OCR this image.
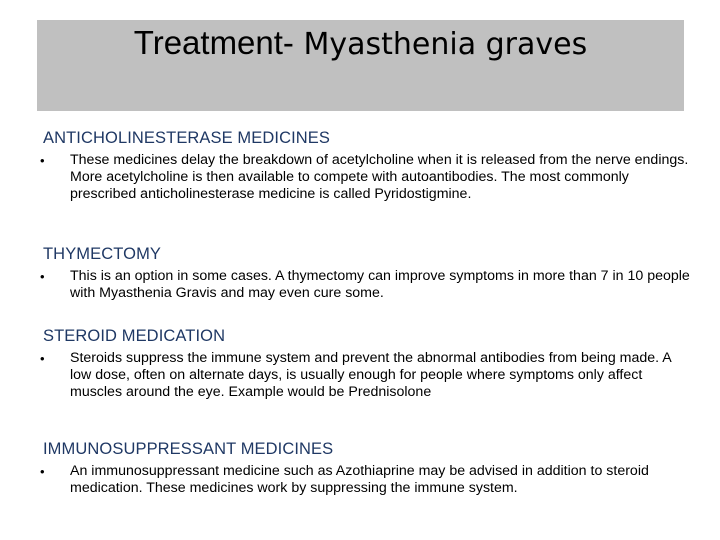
Treatment- Myasthenia graves
ANTICHOLINESTERASE MEDICINES
• These medicines delay the breakdown of acetylcholine when it is released from the nerve endings. More acetylcholine is then available to compete with autoantibodies. The most commonly prescribed anticholinesterase medicine is called Pyridostigmine.
THYMECTOMY
• This is an option in some cases. A thymectomy can improve symptoms in more than 7 in 10 people with Myasthenia Gravis and may even cure some.
STEROID MEDICATION
• Steroids suppress the immune system and prevent the abnormal antibodies from being made. A low dose, often on alternate days, is usually enough for people where symptoms only affect muscles around the eye. Example would be Prednisolone
IMMUNOSUPPRESSANT MEDICINES
• An immunosuppressant medicine such as Azothiaprine may be advised in addition to steroid medication. These medicines work by suppressing the immune system.
